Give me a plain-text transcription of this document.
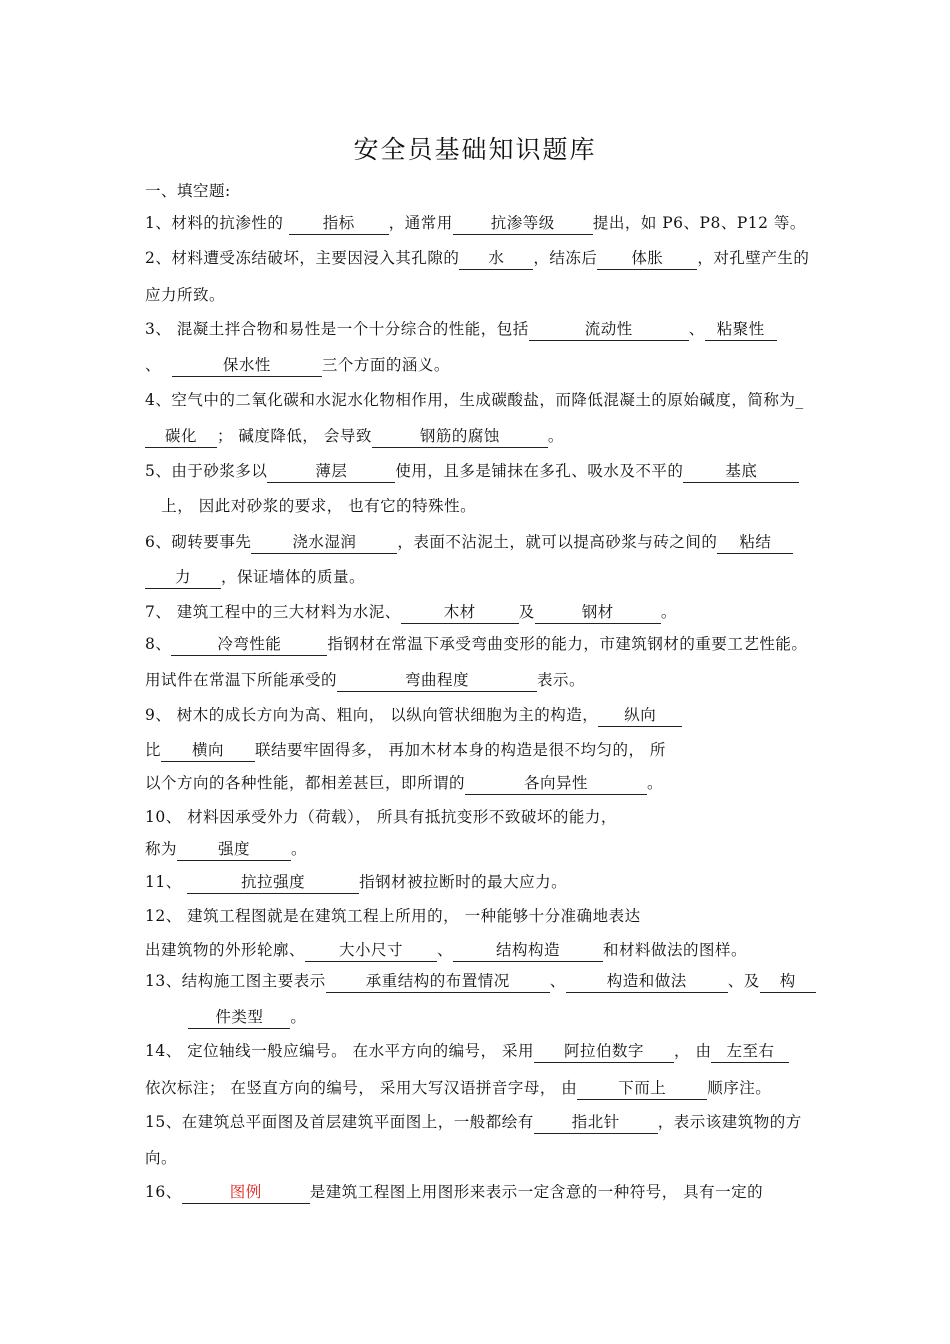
安全员基础知识题库
一、填空题:
1、材料的抗渗性的 指标 ，通常用 抗渗等级 提出，如 P6、P8、P12 等。
2、材料遭受冻结破坏，主要因浸入其孔隙的 水 ，结冻后 体胀 ，对孔壁产生的
应力所致。
3、 混凝土拌合物和易性是一个十分综合的性能，包括	流动性	、 粘聚性
、	保水性	三个方面的涵义。
4、空气中的二氧化碳和水泥水化物相作用，生成碳酸盐，而降低混凝土的原始碱度，简称为_
碳化 ； 碱度降低， 会导致	钢筋的腐蚀	。
5、由于砂浆多以	薄层	使用，且多是铺抹在多孔、吸水及不平的	基底
上， 因此对砂浆的要求， 也有它的特殊性。
6、砌转要事先	浇水湿润	，表面不沾泥土，就可以提高砂浆与砖之间的 粘结
力 ，保证墙体的质量。
7、 建筑工程中的三大材料为水泥、	木材	及	钢材	。
8、	冷弯性能	指钢材在常温下承受弯曲变形的能力，市建筑钢材的重要工艺性能。
用试件在常温下所能承受的	弯曲程度	表示。
9、 树木的成长方向为高、粗向， 以纵向管状细胞为主的构造， 纵向
比 横向 联结要牢固得多， 再加木材本身的构造是很不均匀的， 所
以个方向的各种性能，都相差甚巨，即所谓的	各向异性	。
10、 材料因承受外力（荷载）， 所具有抵抗变形不致破坏的能力，
称为	强度	。
11、	抗拉强度	指钢材被拉断时的最大应力。
12、 建筑工程图就是在建筑工程上所用的， 一种能够十分准确地表达
出建筑物的外形轮廓、 大小尺寸 、	结构构造	和材料做法的图样。
13、结构施工图主要表示	承重结构的布置情况	、	构造和做法	、及 构
件类型 。
14、 定位轴线一般应编号。 在水平方向的编号， 采用 阿拉伯数字 ， 由 左至右
依次标注； 在竖直方向的编号， 采用大写汉语拼音字母， 由	下而上	顺序注。
15、在建筑总平面图及首层建筑平面图上，一般都绘有 指北针 ，表示该建筑物的方
向。
16、	图例	是建筑工程图上用图形来表示一定含意的一种符号， 具有一定的
